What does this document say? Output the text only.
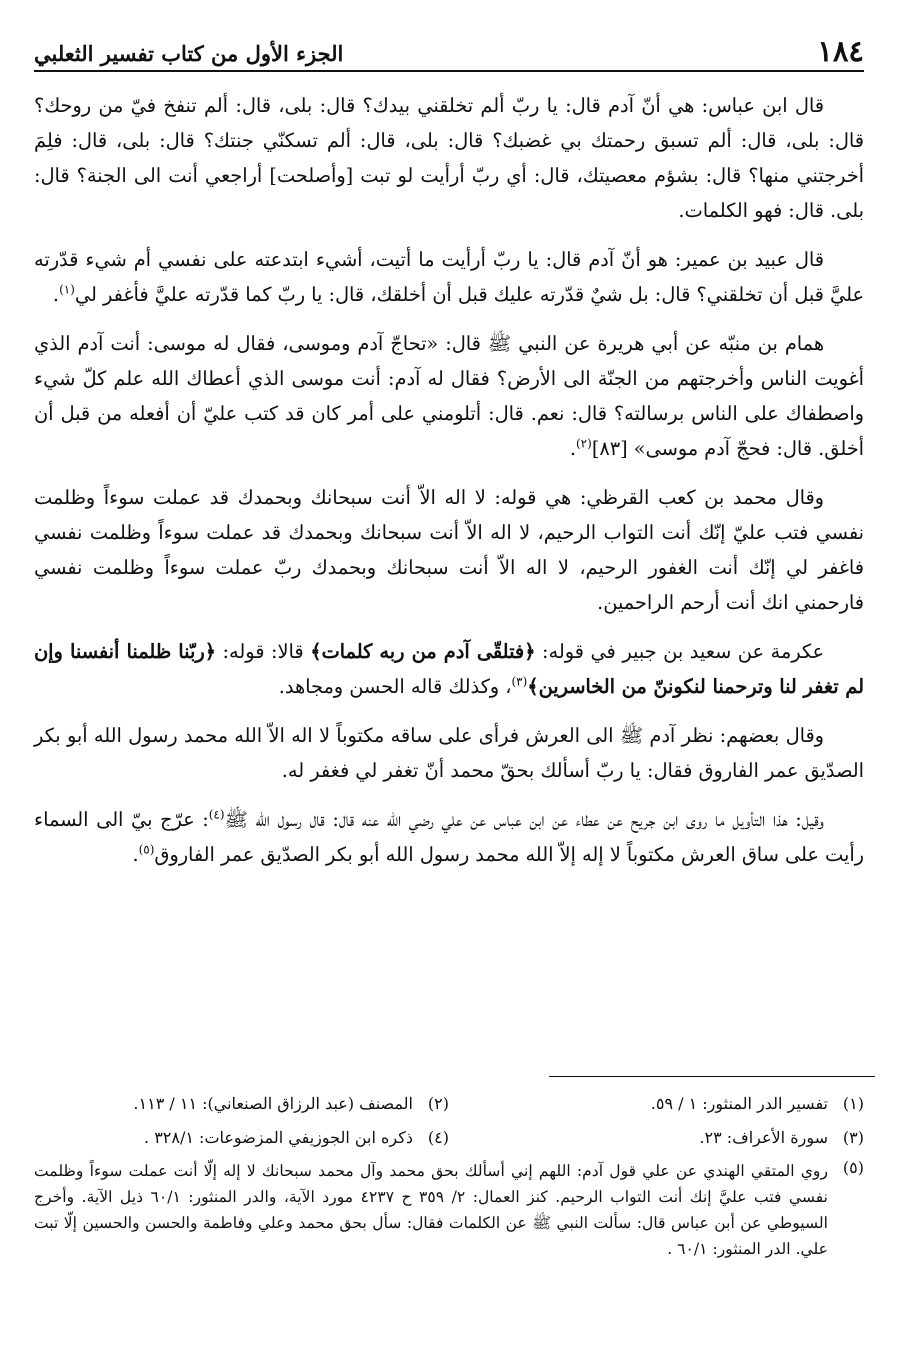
١٨٤
الجزء الأول من كتاب تفسير الثعلبي

قال ابن عباس: هي أنّ آدم قال: يا ربّ ألم تخلقني بيدك؟ قال: بلى، قال: ألم تنفخ فيّ من روحك؟ قال: بلى، قال: ألم تسبق رحمتك بي غضبك؟ قال: بلى، قال: ألم تسكنّي جنتك؟ قال: بلى، قال: فلِمَ أخرجتني منها؟ قال: بشؤم معصيتك، قال: أي ربّ أرأيت لو تبت [وأصلحت] أراجعي أنت الى الجنة؟ قال: بلى. قال: فهو الكلمات.

قال عبيد بن عمير: هو أنّ آدم قال: يا ربّ أرأيت ما أتيت، أشيء ابتدعته على نفسي أم شيء قدّرته عليَّ قبل أن تخلقني؟ قال: بل شيٌ قدّرته عليك قبل أن أخلقك، قال: يا ربّ كما قدّرته عليَّ فأغفر لي$^{(١)}$.

همام بن منبّه عن أبي هريرة عن النبي ﷺ قال: «تحاجّ آدم وموسى، فقال له موسى: أنت آدم الذي أغويت الناس وأخرجتهم من الجنّة الى الأرض؟ فقال له آدم: أنت موسى الذي أعطاك الله علم كلّ شيء واصطفاك على الناس برسالته؟ قال: نعم. قال: أتلومني على أمر كان قد كتب عليّ أن أفعله من قبل أن أخلق. قال: فحجّ آدم موسى» [٨٣]$^{(٢)}$.

وقال محمد بن كعب القرظي: هي قوله: لا اله الاّ أنت سبحانك وبحمدك قد عملت سوءاً وظلمت نفسي فتب عليّ إنّك أنت التواب الرحيم، لا اله الاّ أنت سبحانك وبحمدك قد عملت سوءاً وظلمت نفسي فاغفر لي إنّك أنت الغفور الرحيم، لا اله الاّ أنت سبحانك وبحمدك ربّ عملت سوءاً وظلمت نفسي فارحمني انك أنت أرحم الراحمين.

عكرمة عن سعيد بن جبير في قوله: ﴿فتلقّى آدم من ربه كلمات﴾ قالا: قوله: ﴿ربّنا ظلمنا أنفسنا وإن لم تغفر لنا وترحمنا لنكوننّ من الخاسرين﴾$^{(٣)}$، وكذلك قاله الحسن ومجاهد.

وقال بعضهم: نظر آدم ﷺ الى العرش فرأى على ساقه مكتوباً لا اله الاّ الله محمد رسول الله أبو بكر الصدّيق عمر الفاروق فقال: يا ربّ أسألك بحقّ محمد أنّ تغفر لي فغفر له.

وقيل: هذا التأويل ما روى ابن جريح عن عطاء عن ابن عباس عن علي رضي الله عنه قال: قال رسول الله ﷺ$^{(٤)}$: عرّج بيّ الى السماء رأيت على ساق العرش مكتوباً لا إله إلاّ الله محمد رسول الله أبو بكر الصدّيق عمر الفاروق$^{(٥)}$.

(١)
تفسير الدر المنثور: ١ / ٥٩.
(٢)
المصنف (عبد الرزاق الصنعاني): ١١ / ١١٣.
(٣)
سورة الأعراف: ٢٣.
(٤)
ذكره ابن الجوزيفي المزضوعات: ٣٢٨/١ .
(٥)
روي المتقي الهندي عن علي قول آدم: اللهم إني أسألك بحق محمد وآل محمد سبحانك لا إله إلّا أنت عملت سوءاً وظلمت نفسي فتب عليَّ إنك أنت التواب الرحيم. كنز العمال: ٢/ ٣٥٩ ح ٤٢٣٧ مورد الآية، والدر المنثور: ٦٠/١ ذيل الآية. وأخرج السيوطي عن أبن عباس قال: سألت النبي ﷺ عن الكلمات فقال: سأل بحق محمد وعلي وفاطمة والحسن والحسين إلّا تبت علي. الدر المنثور: ٦٠/١ .
